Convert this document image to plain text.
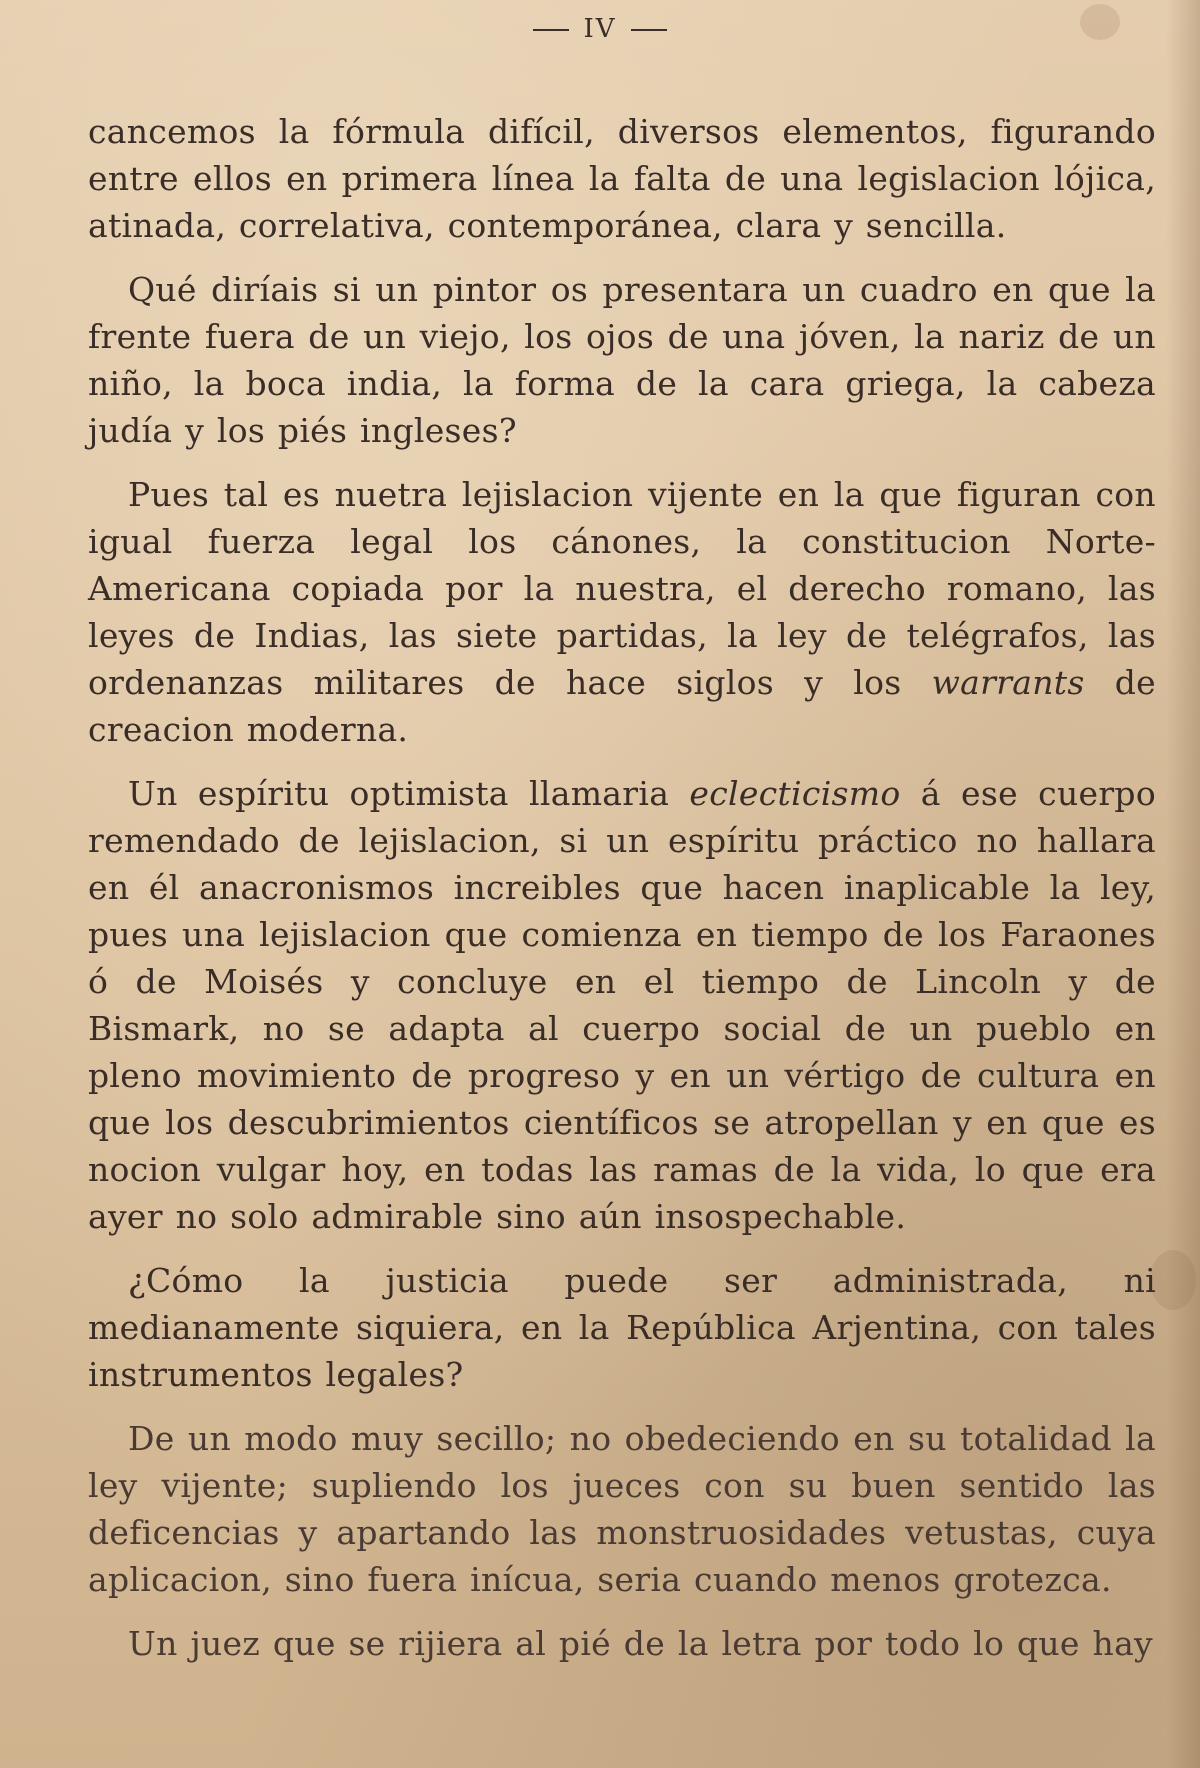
IV

cancemos la fórmula difícil, diversos elementos, figurando entre ellos en primera línea la falta de una legislacion lójica, atinada, correlativa, contemporánea, clara y sencilla.

Qué diríais si un pintor os presentara un cuadro en que la frente fuera de un viejo, los ojos de una jóven, la nariz de un niño, la boca india, la forma de la cara griega, la cabeza judía y los piés ingleses?

Pues tal es nuetra lejislacion vijente en la que figuran con igual fuerza legal los cánones, la constitucion Norte-Americana copiada por la nuestra, el derecho romano, las leyes de Indias, las siete partidas, la ley de telégrafos, las ordenanzas militares de hace siglos y los warrants de creacion moderna.

Un espíritu optimista llamaria eclecticismo á ese cuerpo remendado de lejislacion, si un espíritu práctico no hallara en él anacronismos increibles que hacen inaplicable la ley, pues una lejislacion que comienza en tiempo de los Faraones ó de Moisés y concluye en el tiempo de Lincoln y de Bismark, no se adapta al cuerpo social de un pueblo en pleno movimiento de progreso y en un vértigo de cultura en que los descubrimientos científicos se atropellan y en que es nocion vulgar hoy, en todas las ramas de la vida, lo que era ayer no solo admirable sino aún insospechable.

¿Cómo la justicia puede ser administrada, ni medianamente siquiera, en la República Arjentina, con tales instrumentos legales?

De un modo muy secillo; no obedeciendo en su totalidad la ley vijente; supliendo los jueces con su buen sentido las deficencias y apartando las monstruosidades vetustas, cuya aplicacion, sino fuera inícua, seria cuando menos grotezca.

Un juez que se rijiera al pié de la letra por todo lo que hay
